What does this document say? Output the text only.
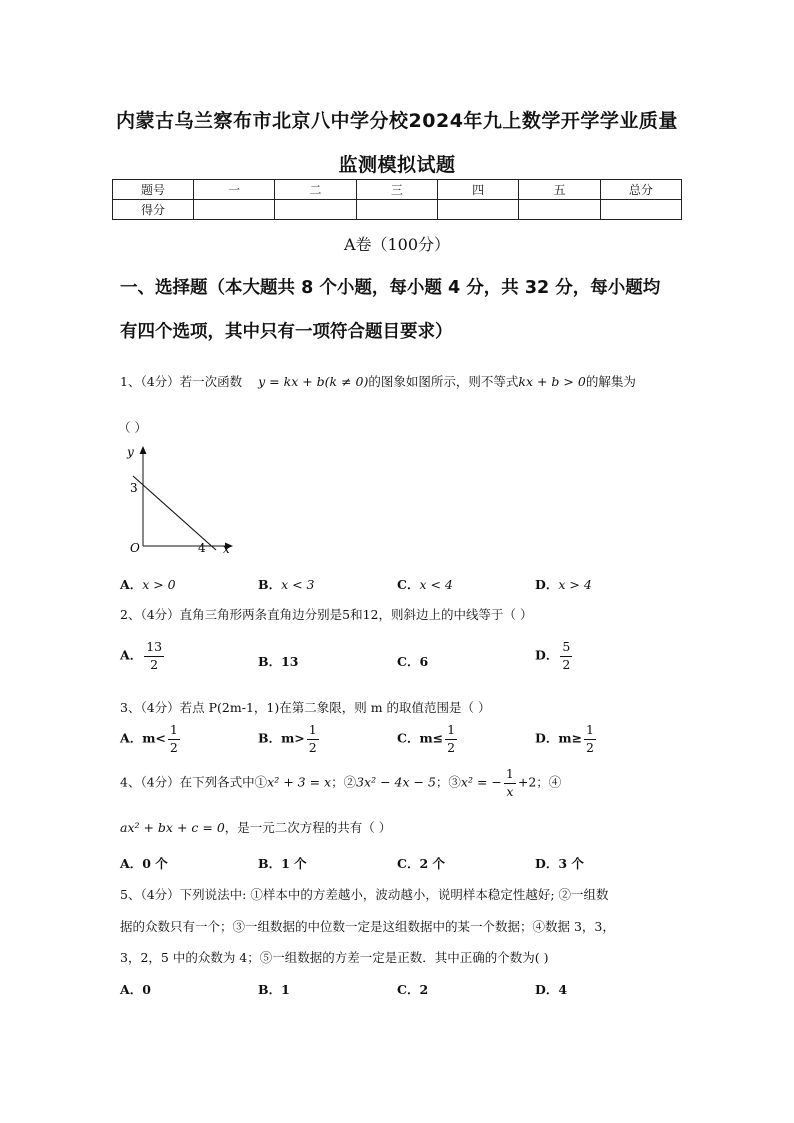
内蒙古乌兰察布市北京八中学分校2024年九上数学开学学业质量
监测模拟试题
题号	一	二	三	四	五	总分
得分						
A卷（100分）
一、选择题（本大题共 8 个小题，每小题 4 分，共 32 分，每小题均
有四个选项，其中只有一项符合题目要求）
1、（4分）若一次函数 y = kx + b(k ≠ 0)的图象如图所示，则不等式kx + b > 0的解集为
（ ）
y
3
O	4 x
A．x > 0	B．x < 3	C．x < 4	D．x > 4
2、（4分）直角三角形两条直角边分别是5和12，则斜边上的中线等于（ ）
A． $\frac{13}{2}$	B．13	C．6	D． $\frac{5}{2}$
3、（4分）若点 P(2m-1，1)在第二象限，则 m 的取值范围是（ ）
A．$m< \frac{1}{2}$	B．$m> \frac{1}{2}$	C．$m\le \frac{1}{2}$	D．$m\ge \frac{1}{2}$
4、（4分）在下列各式中①x² + 3 = x；②3x² − 4x − 5；③x² = − $\frac{1}{x} +2$；④
ax² + bx + c = 0，是一元二次方程的共有（ ）
A．0 个	B．1 个	C．2 个	D．3 个
5、（4分）下列说法中: ①样本中的方差越小，波动越小，说明样本稳定性越好; ②一组数
据的众数只有一个；③一组数据的中位数一定是这组数据中的某一个数据；④数据 3，3，
3，2，5 中的众数为 4；⑤一组数据的方差一定是正数．其中正确的个数为( )
A．0	B．1	C．2	D．4
